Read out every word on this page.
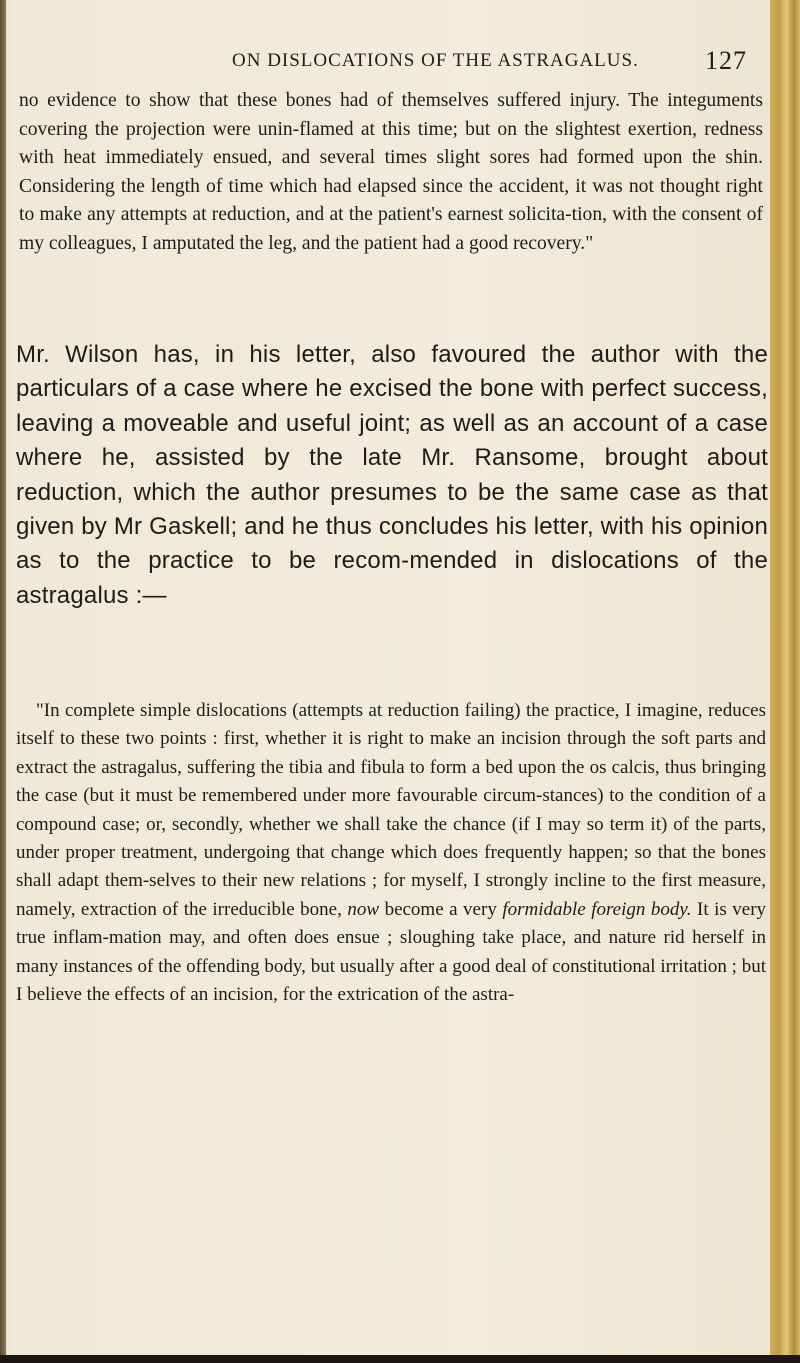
ON DISLOCATIONS OF THE ASTRAGALUS.	127

no evidence to show that these bones had of themselves suffered injury. The integuments covering the projection were unin-flamed at this time; but on the slightest exertion, redness with heat immediately ensued, and several times slight sores had formed upon the shin. Considering the length of time which had elapsed since the accident, it was not thought right to make any attempts at reduction, and at the patient's earnest solicita-tion, with the consent of my colleagues, I amputated the leg, and the patient had a good recovery."

Mr. Wilson has, in his letter, also favoured the author with the particulars of a case where he excised the bone with perfect success, leaving a moveable and useful joint; as well as an account of a case where he, assisted by the late Mr. Ransome, brought about reduction, which the author presumes to be the same case as that given by Mr Gaskell; and he thus concludes his letter, with his opinion as to the practice to be recom-mended in dislocations of the astragalus :—

"In complete simple dislocations (attempts at reduction failing) the practice, I imagine, reduces itself to these two points : first, whether it is right to make an incision through the soft parts and extract the astragalus, suffering the tibia and fibula to form a bed upon the os calcis, thus bringing the case (but it must be remembered under more favourable circum-stances) to the condition of a compound case; or, secondly, whether we shall take the chance (if I may so term it) of the parts, under proper treatment, undergoing that change which does frequently happen; so that the bones shall adapt them-selves to their new relations ; for myself, I strongly incline to the first measure, namely, extraction of the irreducible bone, now become a very formidable foreign body. It is very true inflam-mation may, and often does ensue ; sloughing take place, and nature rid herself in many instances of the offending body, but usually after a good deal of constitutional irritation ; but I believe the effects of an incision, for the extrication of the astra-
